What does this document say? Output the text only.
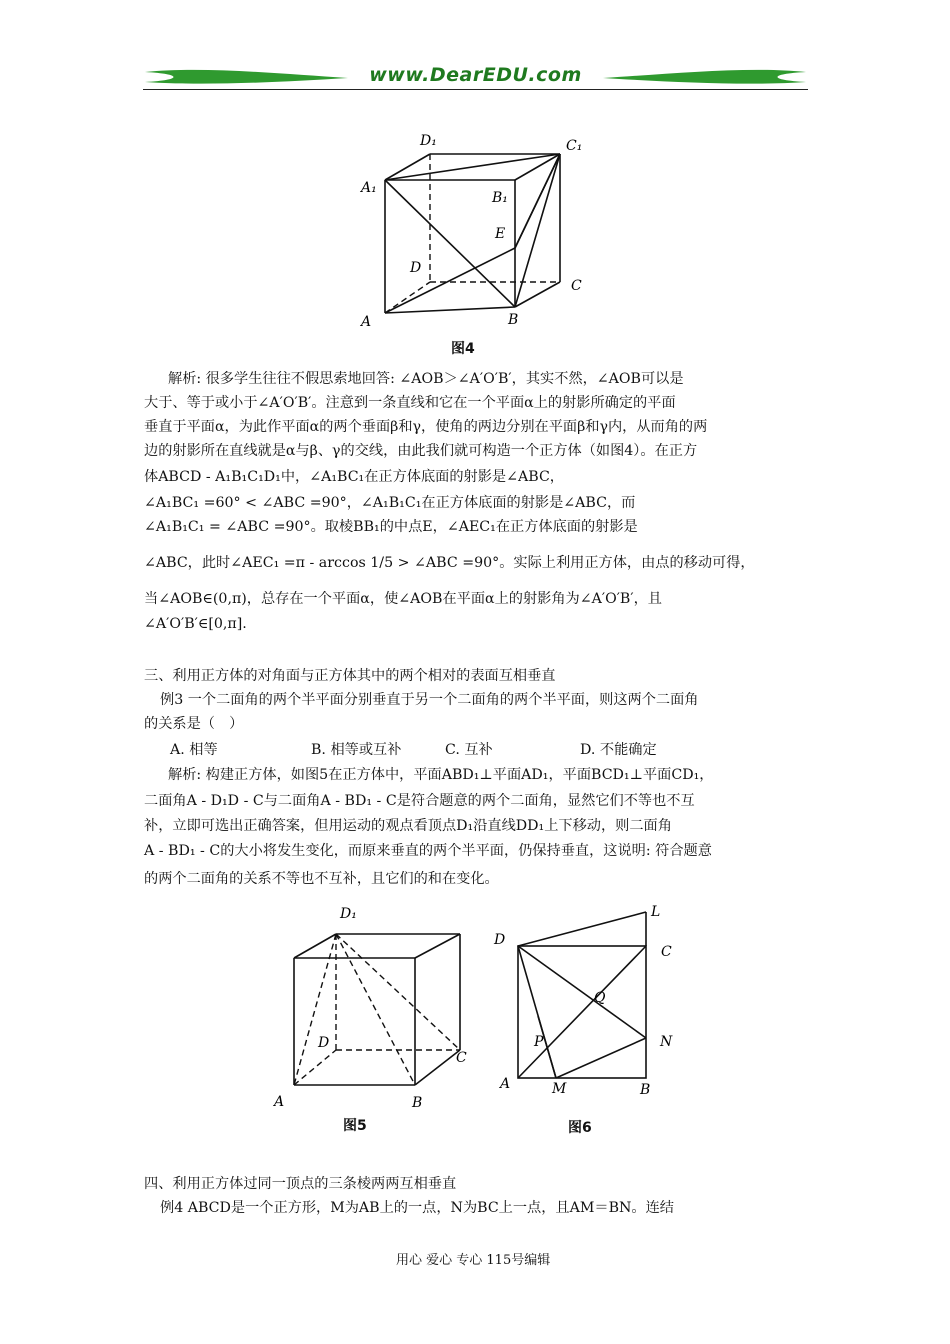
www.DearEDU.com
D₁	C₁
A₁
B₁
E
D
C
A	B
图4
解析: 很多学生往往不假思索地回答: ∠AOB＞∠A′O′B′，其实不然，∠AOB可以是
大于、等于或小于∠A′O′B′。注意到一条直线和它在一个平面α上的射影所确定的平面
垂直于平面α，为此作平面α的两个垂面β和γ，使角的两边分别在平面β和γ内，从而角的两
边的射影所在直线就是α与β、γ的交线，由此我们就可构造一个正方体（如图4）。在正方
体ABCD - A₁B₁C₁D₁中，∠A₁BC₁在正方体底面的射影是∠ABC，
∠A₁BC₁ =60° < ∠ABC =90°，∠A₁B₁C₁在正方体底面的射影是∠ABC，而
∠A₁B₁C₁ = ∠ABC =90°。取棱BB₁的中点E，∠AEC₁在正方体底面的射影是
∠ABC，此时∠AEC₁ =π - arccos 1/5 > ∠ABC =90°。实际上利用正方体，由点的移动可得，
当∠AOB∈(0,π)，总存在一个平面α，使∠AOB在平面α上的射影角为∠A′O′B′，且
∠A′O′B′∈[0,π].
三、利用正方体的对角面与正方体其中的两个相对的表面互相垂直
例3 一个二面角的两个半平面分别垂直于另一个二面角的两个半平面，则这两个二面角
的关系是（　）
A. 相等	B. 相等或互补	C. 互补	D. 不能确定
解析: 构建正方体，如图5在正方体中，平面ABD₁⊥平面AD₁，平面BCD₁⊥平面CD₁，
二面角A - D₁D - C与二面角A - BD₁ - C是符合题意的两个二面角，显然它们不等也不互
补，立即可选出正确答案，但用运动的观点看顶点D₁沿直线DD₁上下移动，则二面角
A - BD₁ - C的大小将发生变化，而原来垂直的两个半平面，仍保持垂直，这说明: 符合题意
的两个二面角的关系不等也不互补，且它们的和在变化。
D₁
D
C
A	B
图5
L
D
C
Q
P	N
A	M	B
图6
四、利用正方体过同一顶点的三条棱两两互相垂直
例4 ABCD是一个正方形，M为AB上的一点，N为BC上一点，且AM＝BN。连结
用心 爱心 专心 115号编辑
